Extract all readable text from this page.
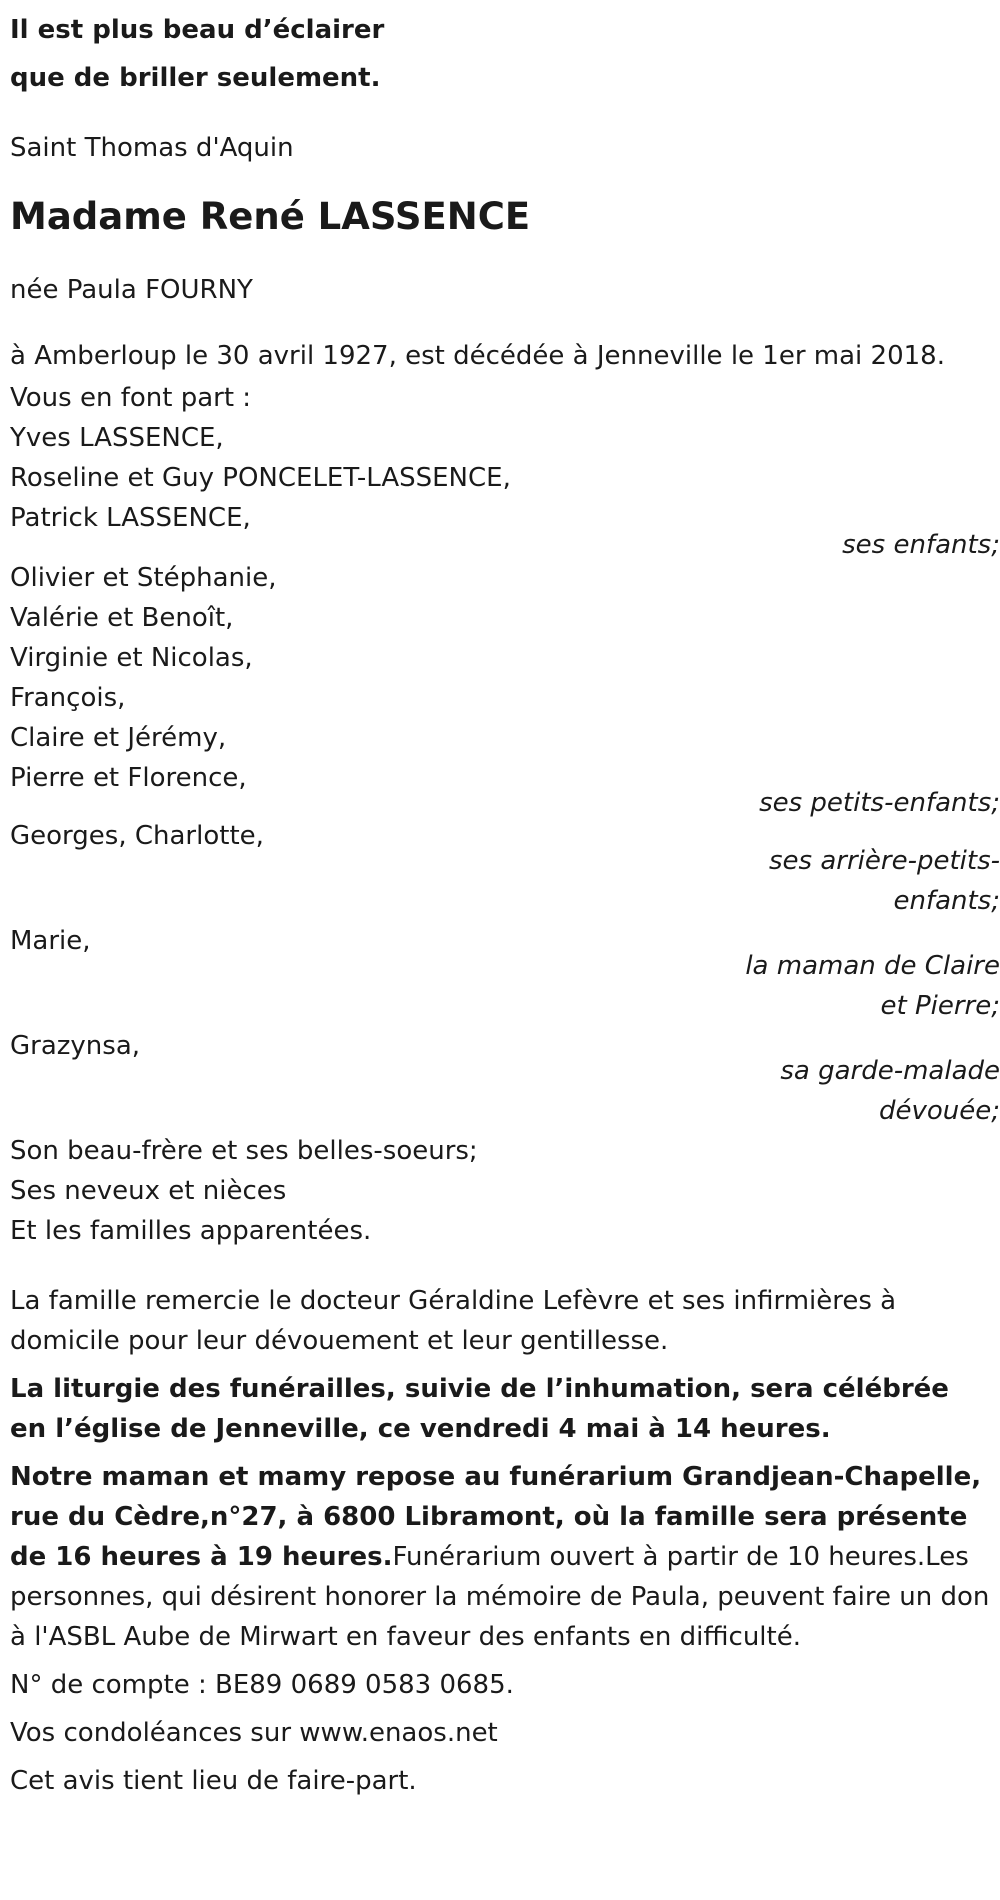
Il est plus beau d’éclairer

que de briller seulement.

Saint Thomas d'Aquin

Madame René LASSENCE

née Paula FOURNY

à Amberloup le 30 avril 1927, est décédée à Jenneville le 1er mai 2018.

Vous en font part :

Yves LASSENCE,
Roseline et Guy PONCELET-LASSENCE,
Patrick LASSENCE,
ses enfants;
Olivier et Stéphanie,
Valérie et Benoît,
Virginie et Nicolas,
François,
Claire et Jérémy,
Pierre et Florence,
ses petits-enfants;
Georges, Charlotte,
ses arrière-petits-
enfants;
Marie,
la maman de Claire
et Pierre;
Grazynsa,
sa garde-malade
dévouée;
Son beau-frère et ses belles-soeurs;
Ses neveux et nièces
Et les familles apparentées.

La famille remercie le docteur Géraldine Lefèvre et ses infirmières à domicile pour leur dévouement et leur gentillesse.

La liturgie des funérailles, suivie de l’inhumation, sera célébrée en l’église de Jenneville, ce vendredi 4 mai à 14 heures.

Notre maman et mamy repose au funérarium Grandjean-Chapelle, rue du Cèdre,n°27, à 6800 Libramont, où la famille sera présente de 16 heures à 19 heures.Funérarium ouvert à partir de 10 heures.Les personnes, qui désirent honorer la mémoire de Paula, peuvent faire un don à l'ASBL Aube de Mirwart en faveur des enfants en difficulté.

N° de compte : BE89 0689 0583 0685.

Vos condoléances sur www.enaos.net

Cet avis tient lieu de faire-part.
